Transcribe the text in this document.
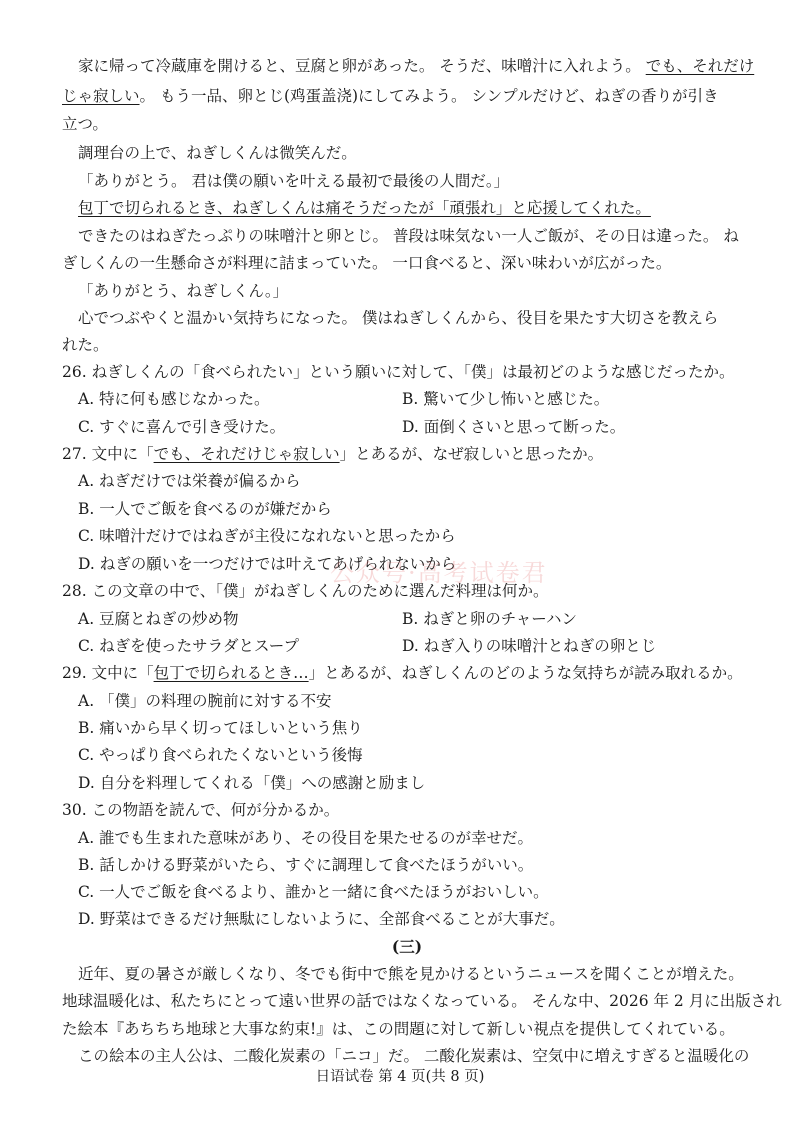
家に帰って冷蔵庫を開けると、豆腐と卵があった。 そうだ、味噌汁に入れよう。 でも、それだけ
じゃ寂しい。 もう一品、卵とじ(鸡蛋盖浇)にしてみよう。 シンプルだけど、ねぎの香りが引き
立つ。
調理台の上で、ねぎしくんは微笑んだ。
「ありがとう。 君は僕の願いを叶える最初で最後の人間だ。」
包丁で切られるとき、ねぎしくんは痛そうだったが「頑張れ」と応援してくれた。
できたのはねぎたっぷりの味噌汁と卵とじ。 普段は味気ない一人ご飯が、その日は違った。 ね
ぎしくんの一生懸命さが料理に詰まっていた。 一口食べると、深い味わいが広がった。
「ありがとう、ねぎしくん。」
心でつぶやくと温かい気持ちになった。 僕はねぎしくんから、役目を果たす大切さを教えら
れた。
26. ねぎしくんの「食べられたい」という願いに対して、「僕」は最初どのような感じだったか。
A. 特に何も感じなかった。	B. 驚いて少し怖いと感じた。
C. すぐに喜んで引き受けた。	D. 面倒くさいと思って断った。
27. 文中に「でも、それだけじゃ寂しい」とあるが、なぜ寂しいと思ったか。
A. ねぎだけでは栄養が偏るから
B. 一人でご飯を食べるのが嫌だから
C. 味噌汁だけではねぎが主役になれないと思ったから
D. ねぎの願いを一つだけでは叶えてあげられないから
28. この文章の中で、「僕」がねぎしくんのために選んだ料理は何か。
A. 豆腐とねぎの炒め物	B. ねぎと卵のチャーハン
C. ねぎを使ったサラダとスープ	D. ねぎ入りの味噌汁とねぎの卵とじ
29. 文中に「包丁で切られるとき…」とあるが、ねぎしくんのどのような気持ちが読み取れるか。
A. 「僕」の料理の腕前に対する不安
B. 痛いから早く切ってほしいという焦り
C. やっぱり食べられたくないという後悔
D. 自分を料理してくれる「僕」への感謝と励まし
30. この物語を読んで、何が分かるか。
A. 誰でも生まれた意味があり、その役目を果たせるのが幸せだ。
B. 話しかける野菜がいたら、すぐに調理して食べたほうがいい。
C. 一人でご飯を食べるより、誰かと一緒に食べたほうがおいしい。
D. 野菜はできるだけ無駄にしないように、全部食べることが大事だ。
(三)
近年、夏の暑さが厳しくなり、冬でも街中で熊を見かけるというニュースを聞くことが増えた。
地球温暖化は、私たちにとって遠い世界の話ではなくなっている。 そんな中、2026 年 2 月に出版され
た絵本『あちちち地球と大事な約束!』は、この問題に対して新しい視点を提供してくれている。
この絵本の主人公は、二酸化炭素の「ニコ」だ。 二酸化炭素は、空気中に増えすぎると温暖化の
公众号·高考试卷君
日语试卷 第 4 页(共 8 页)
